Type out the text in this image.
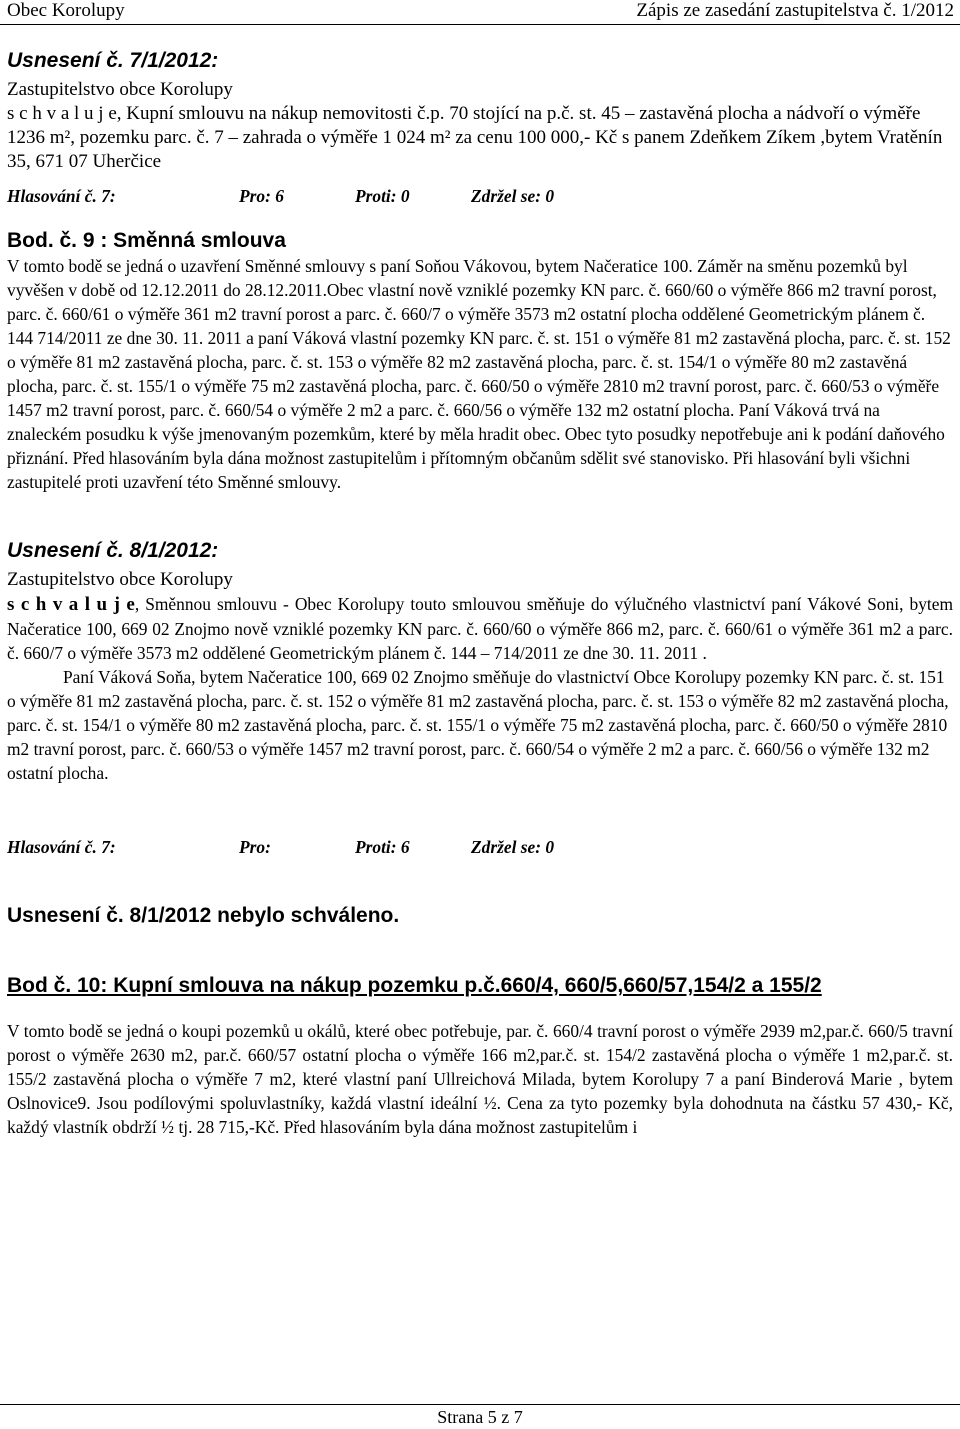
Obec Korolupy	Zápis ze zasedání zastupitelstva č. 1/2012
Usnesení č. 7/1/2012:

Zastupitelstvo obce Korolupy

s c h v a l u j e, Kupní smlouvu na nákup nemovitosti č.p. 70 stojící na p.č. st. 45 – zastavěná plocha a nádvoří o výměře 1236 m², pozemku parc. č. 7 – zahrada o výměře 1 024 m² za cenu 100 000,- Kč s panem Zdeňkem Zíkem ,bytem Vratěnín 35, 671 07 Uherčice

Hlasování č. 7:	Pro: 6	Proti: 0	Zdržel se: 0

Bod. č. 9 : Směnná smlouva

V tomto bodě se jedná o uzavření Směnné smlouvy s paní Soňou Vákovou, bytem Načeratice 100. Záměr na směnu pozemků byl vyvěšen v době od 12.12.2011 do 28.12.2011.Obec vlastní nově vzniklé pozemky KN parc. č. 660/60 o výměře 866 m2 travní porost, parc. č. 660/61 o výměře 361 m2 travní porost a parc. č. 660/7 o výměře 3573 m2 ostatní plocha oddělené Geometrickým plánem č. 144 714/2011 ze dne 30. 11. 2011 a paní Váková vlastní pozemky KN parc. č. st. 151 o výměře 81 m2 zastavěná plocha, parc. č. st. 152 o výměře 81 m2 zastavěná plocha, parc. č. st. 153 o výměře 82 m2 zastavěná plocha, parc. č. st. 154/1 o výměře 80 m2 zastavěná plocha, parc. č. st. 155/1 o výměře 75 m2 zastavěná plocha, parc. č. 660/50 o výměře 2810 m2 travní porost, parc. č. 660/53 o výměře 1457 m2 travní porost, parc. č. 660/54 o výměře 2 m2 a parc. č. 660/56 o výměře 132 m2 ostatní plocha. Paní Váková trvá na znaleckém posudku k výše jmenovaným pozemkům, které by měla hradit obec. Obec tyto posudky nepotřebuje ani k podání daňového přiznání. Před hlasováním byla dána možnost zastupitelům i přítomným občanům sdělit své stanovisko. Při hlasování byli všichni zastupitelé proti uzavření této Směnné smlouvy.

Usnesení č. 8/1/2012:

Zastupitelstvo obce Korolupy

s c h v a l u j e, Směnnou smlouvu - Obec Korolupy touto smlouvou směňuje do výlučného vlastnictví paní Vákové Soni, bytem Načeratice 100, 669 02 Znojmo nově vzniklé pozemky KN parc. č. 660/60 o výměře 866 m2, parc. č. 660/61 o výměře 361 m2 a parc. č. 660/7 o výměře 3573 m2 oddělené Geometrickým plánem č. 144 – 714/2011 ze dne 30. 11. 2011 .

Paní Váková Soňa, bytem Načeratice 100, 669 02 Znojmo směňuje do vlastnictví Obce Korolupy pozemky KN parc. č. st. 151 o výměře 81 m2 zastavěná plocha, parc. č. st. 152 o výměře 81 m2 zastavěná plocha, parc. č. st. 153 o výměře 82 m2 zastavěná plocha, parc. č. st. 154/1 o výměře 80 m2 zastavěná plocha, parc. č. st. 155/1 o výměře 75 m2 zastavěná plocha, parc. č. 660/50 o výměře 2810 m2 travní porost, parc. č. 660/53 o výměře 1457 m2 travní porost, parc. č. 660/54 o výměře 2 m2 a parc. č. 660/56 o výměře 132 m2 ostatní plocha.

Hlasování č. 7:	Pro:	Proti: 6	Zdržel se: 0

Usnesení č. 8/1/2012 nebylo schváleno.
Bod č. 10: Kupní smlouva na nákup pozemku p.č.660/4, 660/5,660/57,154/2 a 155/2

V tomto bodě se jedná o koupi pozemků u okálů, které obec potřebuje, par. č. 660/4 travní porost o výměře 2939 m2,par.č. 660/5 travní porost o výměře 2630 m2, par.č. 660/57 ostatní plocha o výměře 166 m2,par.č. st. 154/2 zastavěná plocha o výměře 1 m2,par.č. st. 155/2 zastavěná plocha o výměře 7 m2, které vlastní paní Ullreichová Milada, bytem Korolupy 7 a paní Binderová Marie , bytem Oslnovice9. Jsou podílovými spoluvlastníky, každá vlastní ideální ½. Cena za tyto pozemky byla dohodnuta na částku 57 430,- Kč, každý vlastník obdrží ½ tj. 28 715,-Kč. Před hlasováním byla dána možnost zastupitelům i

Strana 5 z 7
